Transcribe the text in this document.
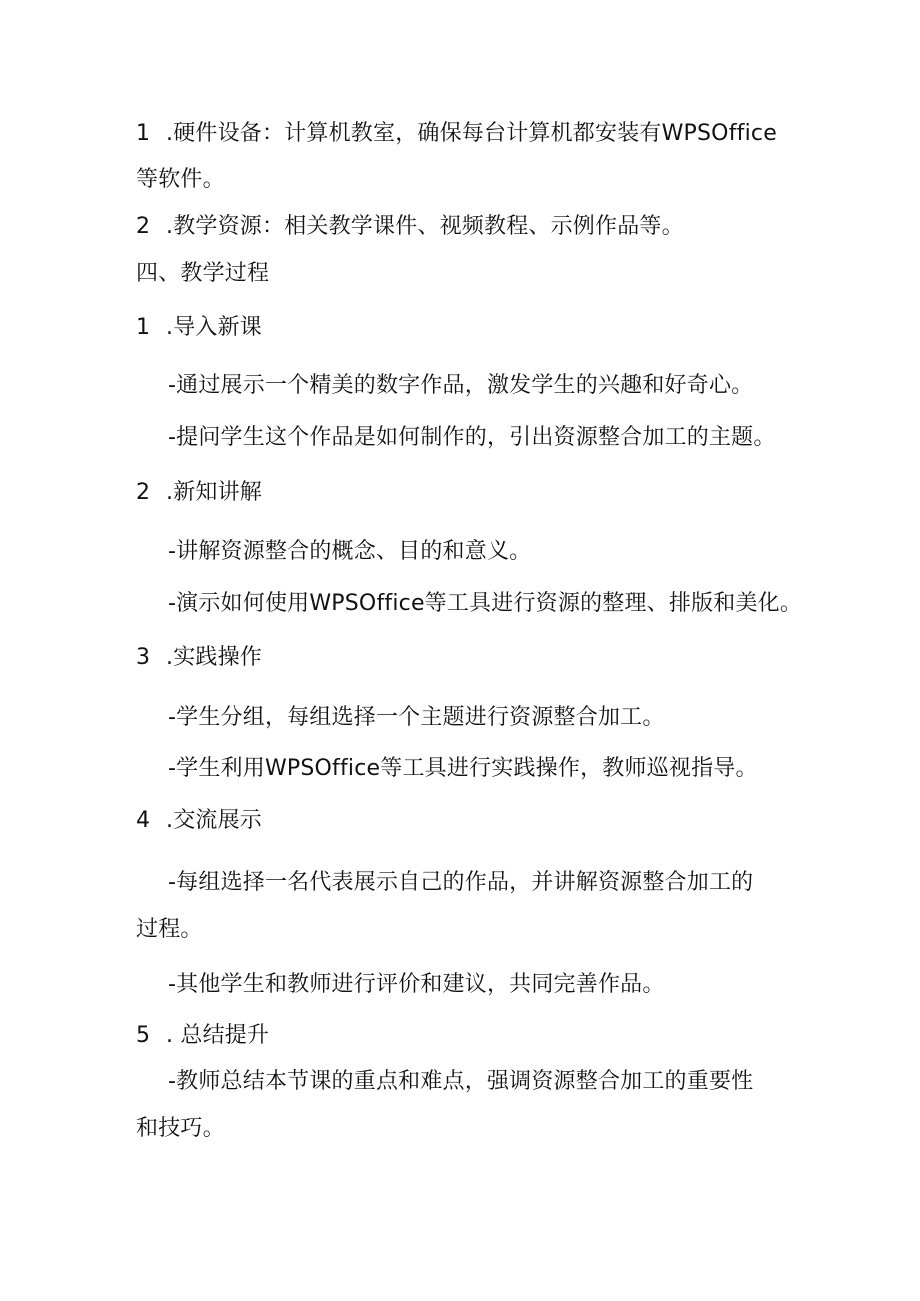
1 .硬件设备：计算机教室，确保每台计算机都安装有WPSOffice
等软件。
2 .教学资源：相关教学课件、视频教程、示例作品等。
四、教学过程
1 .导入新课
-通过展示一个精美的数字作品，激发学生的兴趣和好奇心。
-提问学生这个作品是如何制作的，引出资源整合加工的主题。
2 .新知讲解
-讲解资源整合的概念、目的和意义。
-演示如何使用WPSOffice等工具进行资源的整理、排版和美化。
3 .实践操作
-学生分组，每组选择一个主题进行资源整合加工。
-学生利用WPSOffice等工具进行实践操作，教师巡视指导。
4 .交流展示
-每组选择一名代表展示自己的作品，并讲解资源整合加工的
过程。
-其他学生和教师进行评价和建议，共同完善作品。
5 . 总结提升
-教师总结本节课的重点和难点，强调资源整合加工的重要性
和技巧。
